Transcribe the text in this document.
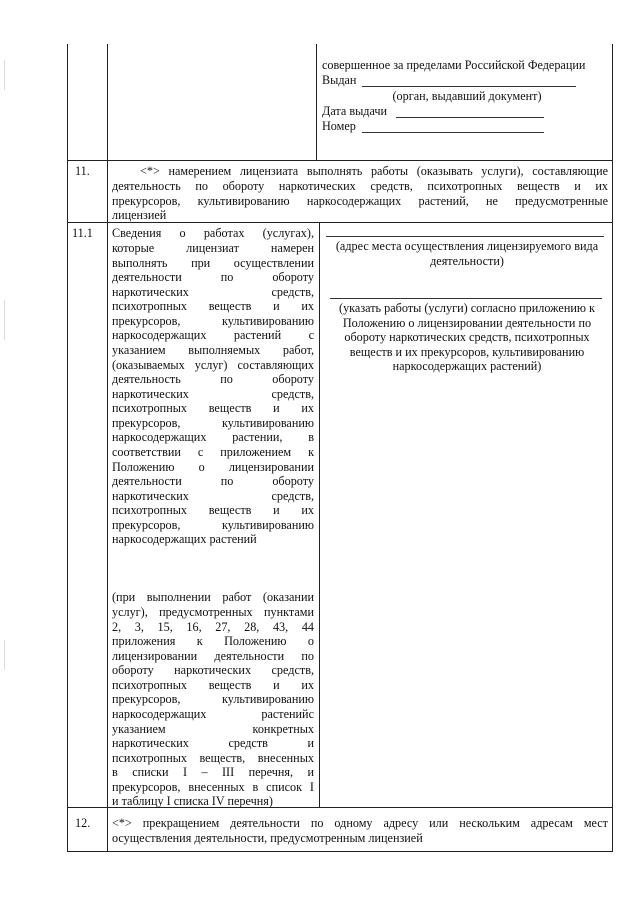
совершенное за пределами Российской Федерации
Выдан
(орган, выдавший документ)
Дата выдачи
Номер
11.	<*> намерением лицензиата выполнять работы (оказывать услуги), составляющие
деятельность по обороту наркотических средств, психотропных веществ и их
прекурсоров, культивированию наркосодержащих растений, не предусмотренные
лицензией
11.1 Сведения о работах (услугах),
которые лицензиат намерен
выполнять при осуществлении
деятельности по обороту
наркотических средств,
психотропных веществ и их
прекурсоров, культивированию
наркосодержащих растений с
указанием выполняемых работ,
(оказываемых услуг) составляющих
деятельность по обороту
наркотических средств,
психотропных веществ и их
прекурсоров, культивированию
наркосодержащих растении, в
соответствии с приложением к
Положению о лицензировании
деятельности по обороту
наркотических средств,
психотропных веществ и их
прекурсоров, культивированию
наркосодержащих растений
(при выполнении работ (оказании
услуг), предусмотренных пунктами
2, 3, 15, 16, 27, 28, 43, 44
приложения к Положению о
лицензировании деятельности по
обороту наркотических средств,
психотропных веществ и их
прекурсоров, культивированию
наркосодержащих растенийс
указанием конкретных
наркотических средств и
психотропных веществ, внесенных
в списки I – III перечня, и
прекурсоров, внесенных в список I
и таблицу I списка IV перечня)
(адрес места осуществления лицензируемого вида
деятельности)
(указать работы (услуги) согласно приложению к
Положению о лицензировании деятельности по
обороту наркотических средств, психотропных
веществ и их прекурсоров, культивированию
наркосодержащих растений)
12. <*> прекращением деятельности по одному адресу или нескольким адресам мест
осуществления деятельности, предусмотренным лицензией
